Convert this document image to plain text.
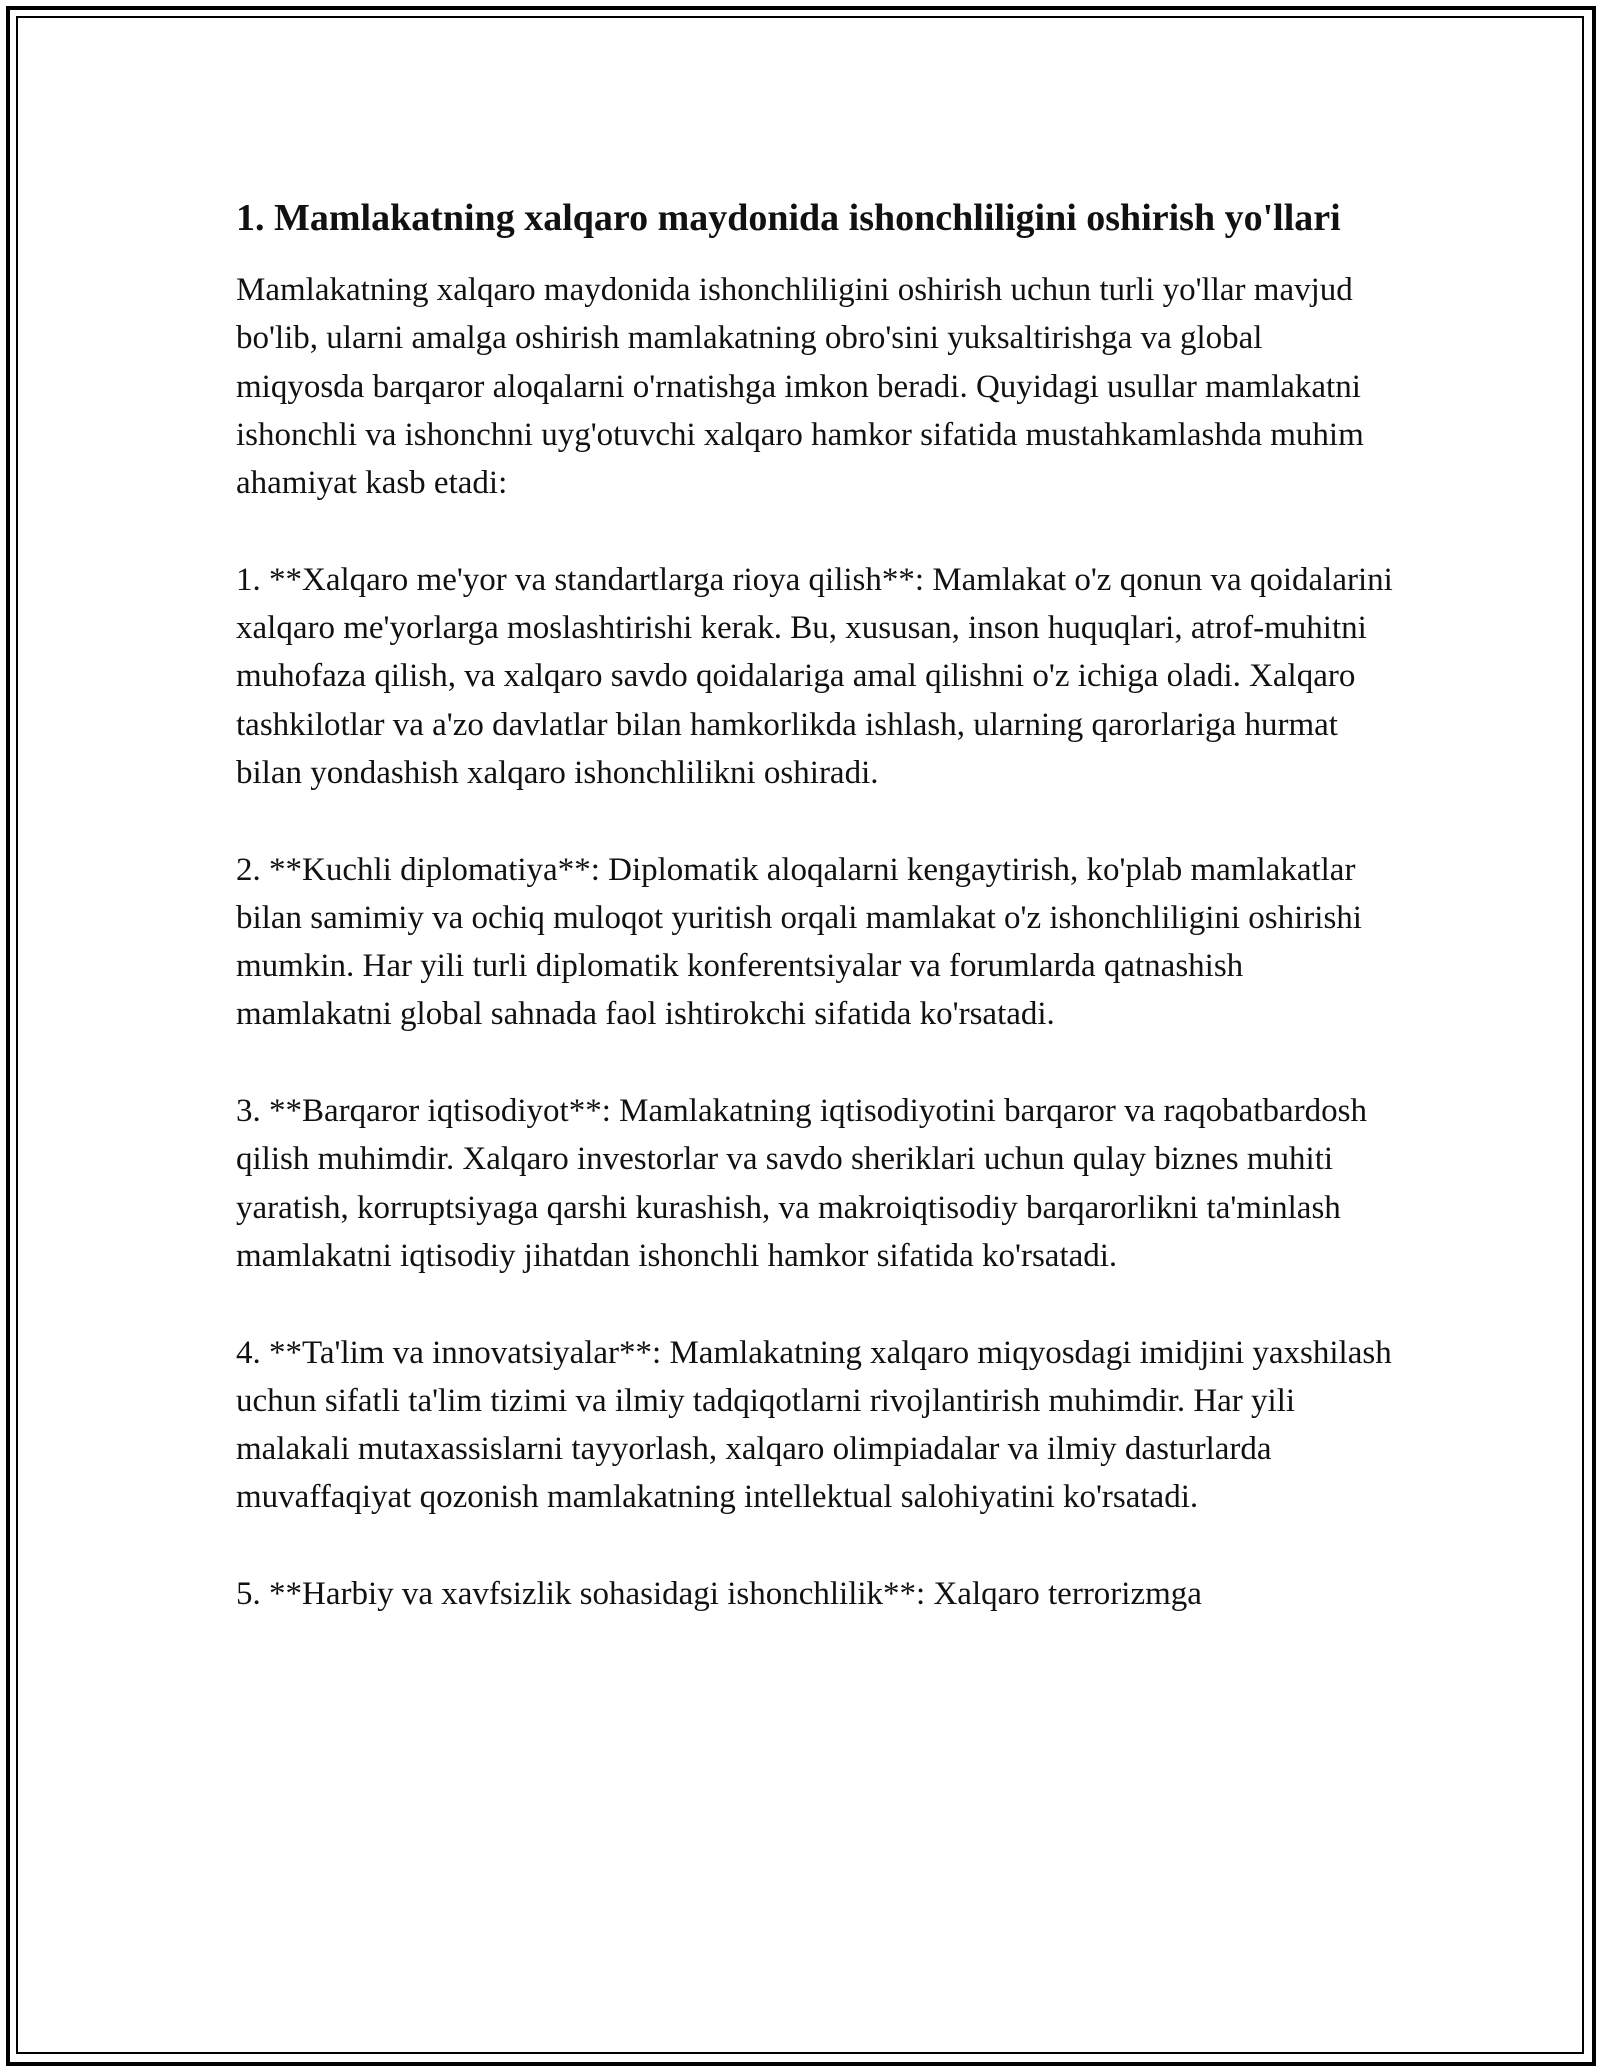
1. Mamlakatning xalqaro maydonida ishonchliligini oshirish yo'llari

Mamlakatning xalqaro maydonida ishonchliligini oshirish uchun turli yo'llar mavjud bo'lib, ularni amalga oshirish mamlakatning obro'sini yuksaltirishga va global miqyosda barqaror aloqalarni o'rnatishga imkon beradi. Quyidagi usullar mamlakatni ishonchli va ishonchni uyg'otuvchi xalqaro hamkor sifatida mustahkamlashda muhim ahamiyat kasb etadi:

1. **Xalqaro me'yor va standartlarga rioya qilish**: Mamlakat o'z qonun va qoidalarini xalqaro me'yorlarga moslashtirishi kerak. Bu, xususan, inson huquqlari, atrof-muhitni muhofaza qilish, va xalqaro savdo qoidalariga amal qilishni o'z ichiga oladi. Xalqaro tashkilotlar va a'zo davlatlar bilan hamkorlikda ishlash, ularning qarorlariga hurmat bilan yondashish xalqaro ishonchlilikni oshiradi.

2. **Kuchli diplomatiya**: Diplomatik aloqalarni kengaytirish, ko'plab mamlakatlar bilan samimiy va ochiq muloqot yuritish orqali mamlakat o'z ishonchliligini oshirishi mumkin. Har yili turli diplomatik konferentsiyalar va forumlarda qatnashish mamlakatni global sahnada faol ishtirokchi sifatida ko'rsatadi.

3. **Barqaror iqtisodiyot**: Mamlakatning iqtisodiyotini barqaror va raqobatbardosh qilish muhimdir. Xalqaro investorlar va savdo sheriklari uchun qulay biznes muhiti yaratish, korruptsiyaga qarshi kurashish, va makroiqtisodiy barqarorlikni ta'minlash mamlakatni iqtisodiy jihatdan ishonchli hamkor sifatida ko'rsatadi.

4. **Ta'lim va innovatsiyalar**: Mamlakatning xalqaro miqyosdagi imidjini yaxshilash uchun sifatli ta'lim tizimi va ilmiy tadqiqotlarni rivojlantirish muhimdir. Har yili malakali mutaxassislarni tayyorlash, xalqaro olimpiadalar va ilmiy dasturlarda muvaffaqiyat qozonish mamlakatning intellektual salohiyatini ko'rsatadi.

5. **Harbiy va xavfsizlik sohasidagi ishonchlilik**: Xalqaro terrorizmga
